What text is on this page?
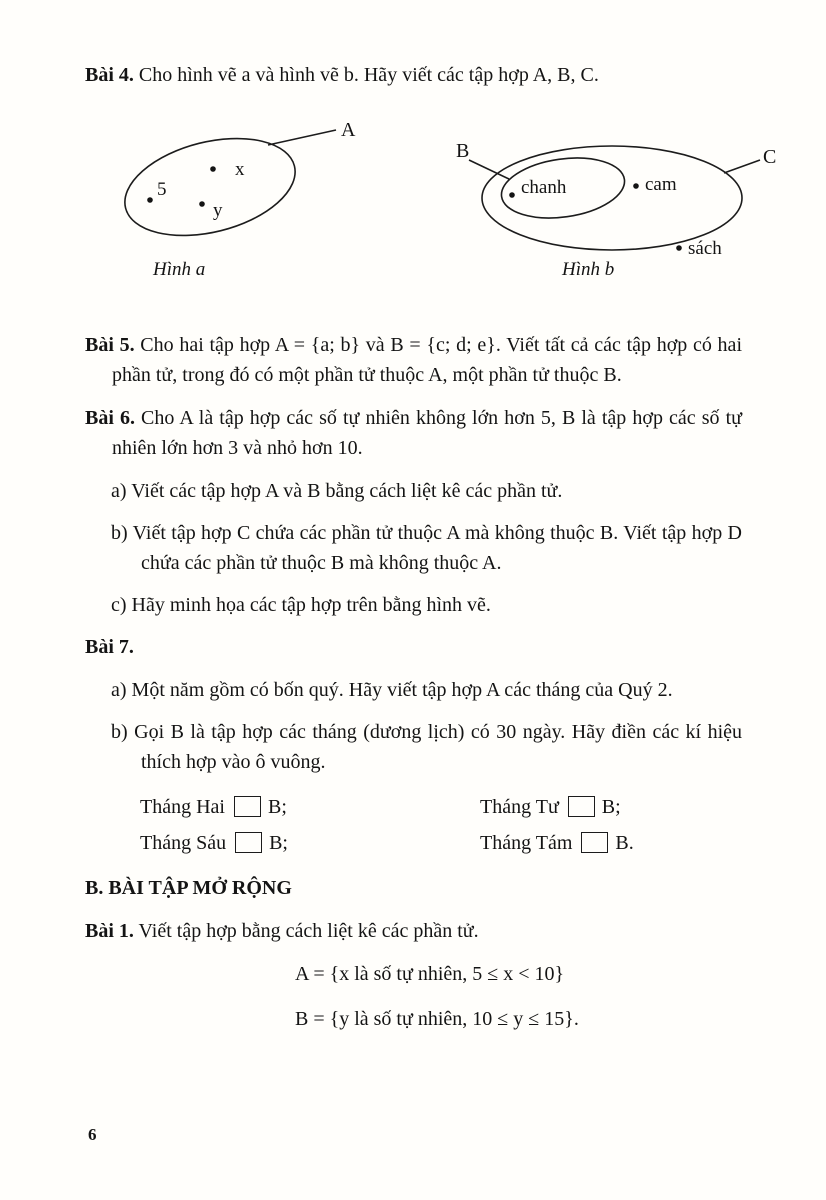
Bài 4. Cho hình vẽ a và hình vẽ b. Hãy viết các tập hợp A, B, C.

A
x
5
y
Hình a
B	C
chanh	cam
sách
Hình b

Bài 5. Cho hai tập hợp A = {a; b} và B = {c; d; e}. Viết tất cả các tập hợp có hai phần tử, trong đó có một phần tử thuộc A, một phần tử thuộc B.

Bài 6. Cho A là tập hợp các số tự nhiên không lớn hơn 5, B là tập hợp các số tự nhiên lớn hơn 3 và nhỏ hơn 10.

a) Viết các tập hợp A và B bằng cách liệt kê các phần tử.

b) Viết tập hợp C chứa các phần tử thuộc A mà không thuộc B. Viết tập hợp D chứa các phần tử thuộc B mà không thuộc A.

c) Hãy minh họa các tập hợp trên bằng hình vẽ.

Bài 7.

a) Một năm gồm có bốn quý. Hãy viết tập hợp A các tháng của Quý 2.

b) Gọi B là tập hợp các tháng (dương lịch) có 30 ngày. Hãy điền các kí hiệu thích hợp vào ô vuông.

Tháng Hai B;	Tháng Tư B;
Tháng Sáu B;	Tháng Tám B.

B. BÀI TẬP MỞ RỘNG

Bài 1. Viết tập hợp bằng cách liệt kê các phần tử.

A = {x là số tự nhiên, 5 ≤ x < 10}

B = {y là số tự nhiên, 10 ≤ y ≤ 15}.

6
